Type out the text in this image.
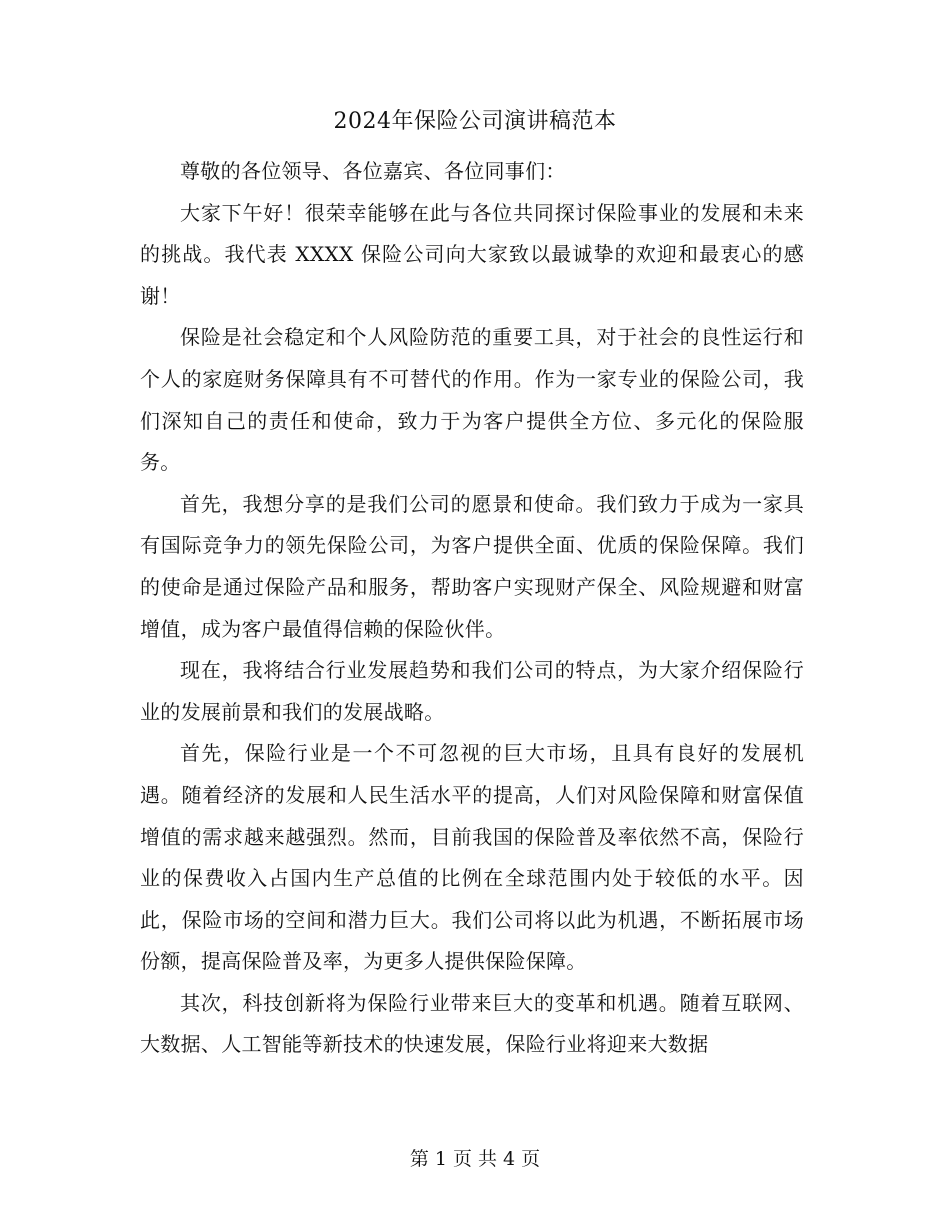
2024年保险公司演讲稿范本

尊敬的各位领导、各位嘉宾、各位同事们：

大家下午好！很荣幸能够在此与各位共同探讨保险事业的发展和未来的挑战。我代表 XXXX 保险公司向大家致以最诚挚的欢迎和最衷心的感谢！

保险是社会稳定和个人风险防范的重要工具，对于社会的良性运行和个人的家庭财务保障具有不可替代的作用。作为一家专业的保险公司，我们深知自己的责任和使命，致力于为客户提供全方位、多元化的保险服务。

首先，我想分享的是我们公司的愿景和使命。我们致力于成为一家具有国际竞争力的领先保险公司，为客户提供全面、优质的保险保障。我们的使命是通过保险产品和服务，帮助客户实现财产保全、风险规避和财富增值，成为客户最值得信赖的保险伙伴。

现在，我将结合行业发展趋势和我们公司的特点，为大家介绍保险行业的发展前景和我们的发展战略。

首先，保险行业是一个不可忽视的巨大市场，且具有良好的发展机遇。随着经济的发展和人民生活水平的提高，人们对风险保障和财富保值增值的需求越来越强烈。然而，目前我国的保险普及率依然不高，保险行业的保费收入占国内生产总值的比例在全球范围内处于较低的水平。因此，保险市场的空间和潜力巨大。我们公司将以此为机遇，不断拓展市场份额，提高保险普及率，为更多人提供保险保障。

其次，科技创新将为保险行业带来巨大的变革和机遇。随着互联网、大数据、人工智能等新技术的快速发展，保险行业将迎来大数据

第 1 页 共 4 页
